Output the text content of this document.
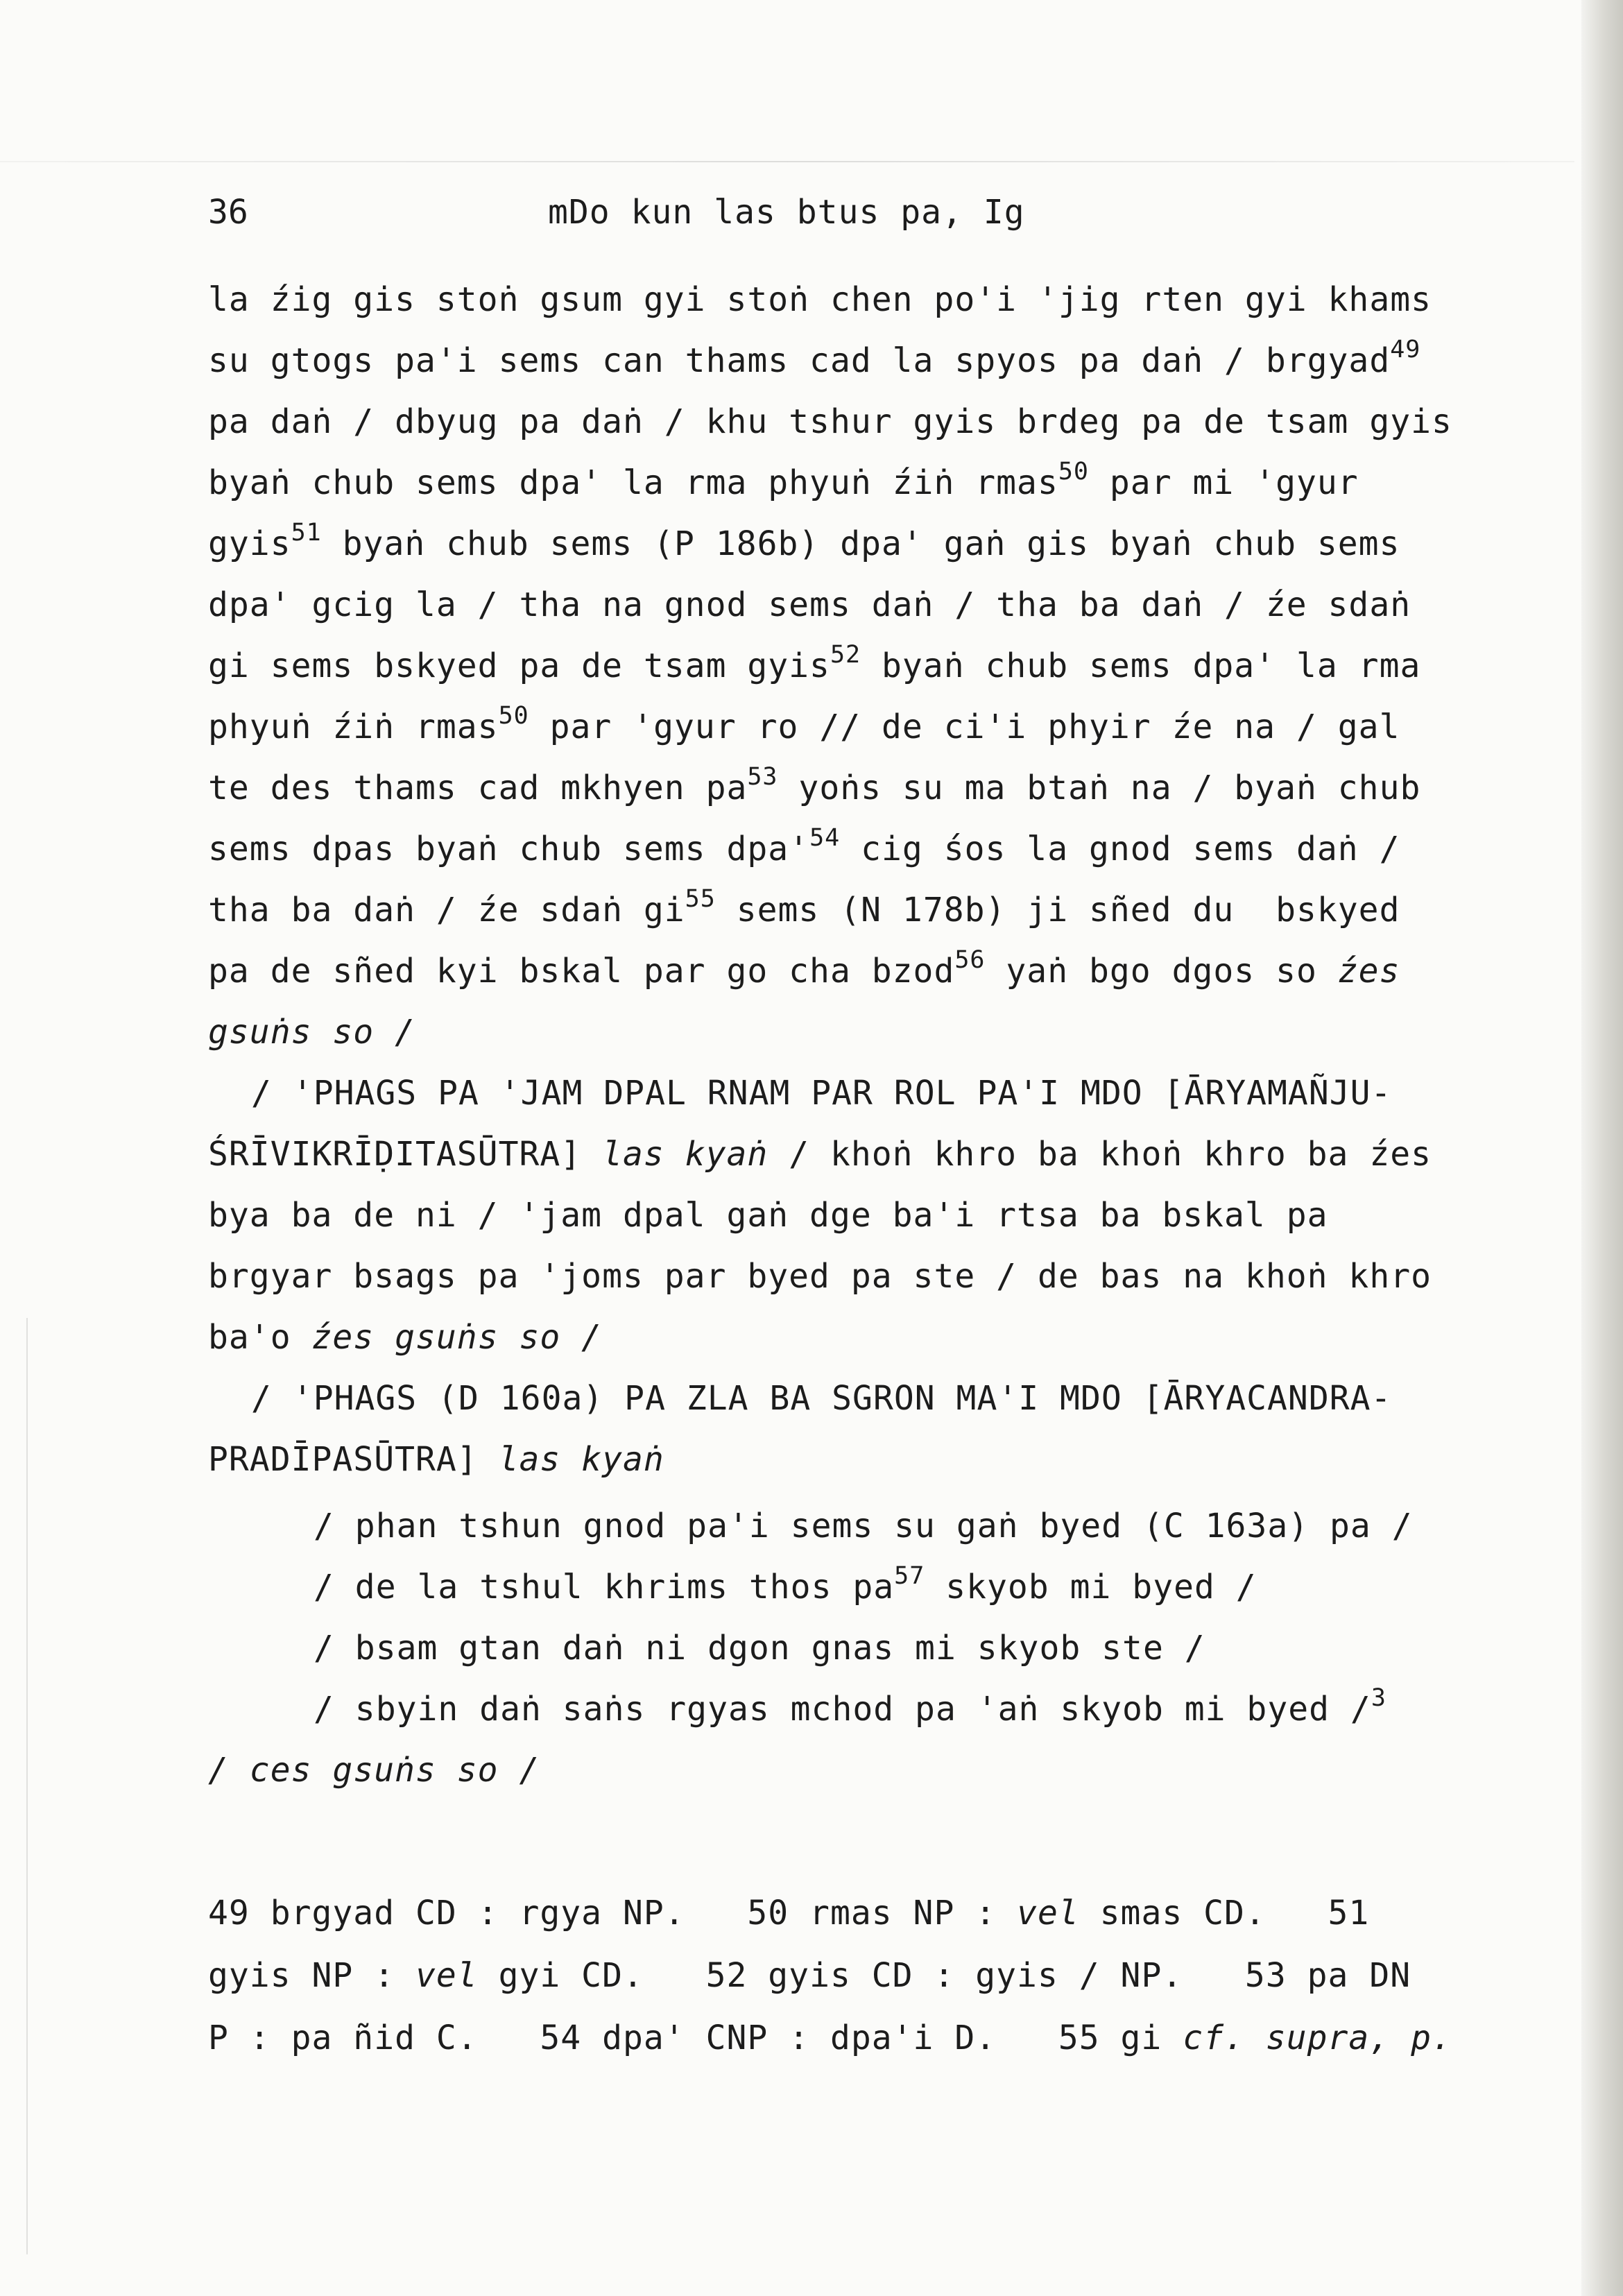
36	mDo kun las btus pa, Ig
la źig gis stoṅ gsum gyi stoṅ chen po'i 'jig rten gyi khams
su gtogs pa'i sems can thams cad la spyos pa daṅ / brgyad$^{49}$
pa daṅ / dbyug pa daṅ / khu tshur gyis brdeg pa de tsam gyis
byaṅ chub sems dpa' la rma phyuṅ źiṅ rmas$^{50}$ par mi 'gyur
gyis$^{51}$ byaṅ chub sems (P 186b) dpa' gaṅ gis byaṅ chub sems
dpa' gcig la / tha na gnod sems daṅ / tha ba daṅ / źe sdaṅ
gi sems bskyed pa de tsam gyis$^{52}$ byaṅ chub sems dpa' la rma
phyuṅ źiṅ rmas$^{50}$ par 'gyur ro // de ci'i phyir źe na / gal
te des thams cad mkhyen $pa^{53}$ yoṅs su ma btaṅ na / byaṅ chub
sems dpas byaṅ chub sems $dpa'^{54}$ cig śos la gnod sems daṅ /
tha ba daṅ / źe sdaṅ $gi^{55}$ sems (N 178b) ji sñed du  bskyed
pa de sñed kyi bskal par go cha bzod$^{56}$ yaṅ bgo dgos so źes
gsuṅs so /
/ 'PHAGS PA 'JAM DPAL RNAM PAR ROL PA'I MDO [ĀRYAMAÑJU-
ŚRĪVIKRĪḌITASŪTRA] las kyaṅ / khoṅ khro ba khoṅ khro ba źes
bya ba de ni / 'jam dpal gaṅ dge ba'i rtsa ba bskal pa
brgyar bsags pa 'joms par byed pa ste / de bas na khoṅ khro
ba'o źes gsuṅs so /
/ 'PHAGS (D 160a) PA ZLA BA SGRON MA'I MDO [ĀRYACANDRA-
PRADĪPASŪTRA] las kyaṅ
/ phan tshun gnod pa'i sems su gaṅ byed (C 163a) pa /
/ de la tshul khrims thos $pa^{57}$ skyob mi byed /
/ bsam gtan daṅ ni dgon gnas mi skyob ste /
/ sbyin daṅ saṅs rgyas mchod pa 'aṅ skyob mi byed /$^3$
/ ces gsuṅs so /
49 brgyad CD : rgya NP.   50 rmas NP : vel smas CD.   51
gyis NP : vel gyi CD.   52 gyis CD : gyis / NP.   53 pa DN
P : pa ñid C.   54 dpa' CNP : dpa'i D.   55 gi cf. supra, p.
